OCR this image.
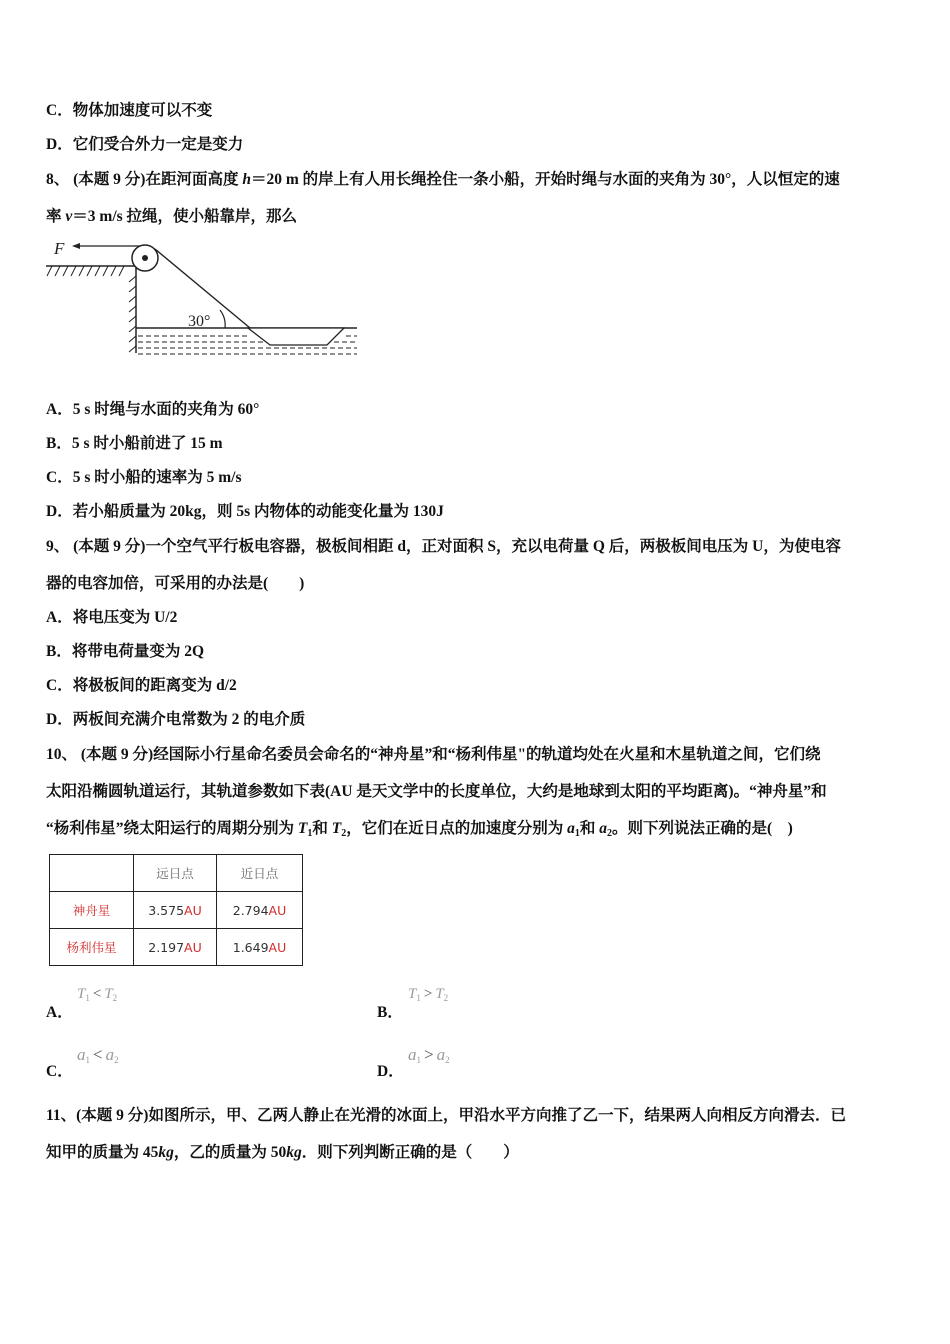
C．物体加速度可以不变
D．它们受合外力一定是变力
8、 (本题 9 分)在距河面高度 h＝20 m 的岸上有人用长绳拴住一条小船，开始时绳与水面的夹角为 30°，人以恒定的速
率 v＝3 m/s 拉绳，使小船靠岸，那么
F
30°
A．5 s 时绳与水面的夹角为 60°
B．5 s 时小船前进了 15 m
C．5 s 时小船的速率为 5 m/s
D．若小船质量为 20kg，则 5s 内物体的动能变化量为 130J
9、 (本题 9 分)一个空气平行板电容器，极板间相距 d，正对面积 S，充以电荷量 Q 后，两极板间电压为 U，为使电容
器的电容加倍，可采用的办法是(　　)
A．将电压变为 U/2
B．将带电荷量变为 2Q
C．将极板间的距离变为 d/2
D．两板间充满介电常数为 2 的电介质
10、 (本题 9 分)经国际小行星命名委员会命名的“神舟星”和“杨利伟星"的轨道均处在火星和木星轨道之间，它们绕
太阳沿椭圆轨道运行，其轨道参数如下表(AU 是天文学中的长度单位，大约是地球到太阳的平均距离)。“神舟星”和
“杨利伟星”绕太阳运行的周期分别为 $T_1$和 $T_2$，它们在近日点的加速度分别为 $a_1$和 $a_2$。则下列说法正确的是(　)
	远日点	近日点
神舟星	3.575AU	2.794AU
杨利伟星	2.197AU	1.649AU
A．
$T_1 < T_2$
B．
$T_1 > T_2$
C．
a1 < a2
D．
a1 > a2
11、(本题 9 分)如图所示，甲、乙两人静止在光滑的冰面上，甲沿水平方向推了乙一下，结果两人向相反方向滑去．已
知甲的质量为 45kg，乙的质量为 50kg．则下列判断正确的是（　　）
